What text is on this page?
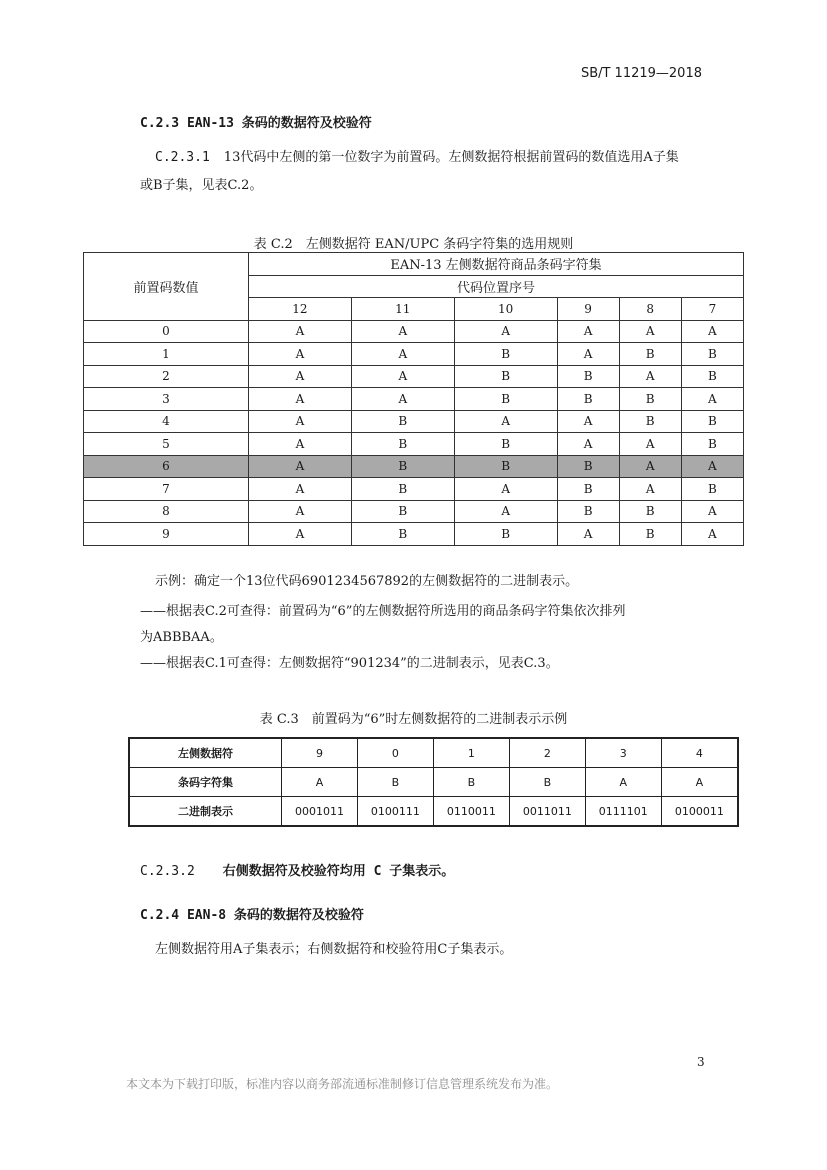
SB/T 11219—2018
C.2.3 EAN-13 条码的数据符及校验符
C.2.3.1 13代码中左侧的第一位数字为前置码。左侧数据符根据前置码的数值选用A子集
或B子集，见表C.2。
表 C.2　左侧数据符 EAN/UPC 条码字符集的选用规则
前置码数值	EAN-13 左侧数据符商品条码字符集					
	代码位置序号					
	12	11	10	9	8	7
0	A	A	A	A	A	A
1	A	A	B	A	B	B
2	A	A	B	B	A	B
3	A	A	B	B	B	A
4	A	B	A	A	B	B
5	A	B	B	A	A	B
6	A	B	B	B	A	A
7	A	B	A	B	A	B
8	A	B	A	B	B	A
9	A	B	B	A	B	A
示例：确定一个13位代码6901234567892的左侧数据符的二进制表示。
——根据表C.2可查得：前置码为“6”的左侧数据符所选用的商品条码字符集依次排列
为ABBBAA。
——根据表C.1可查得：左侧数据符“901234”的二进制表示，见表C.3。
表 C.3　前置码为“6”时左侧数据符的二进制表示示例
左侧数据符	9	0	1	2	3	4
条码字符集	A	B	B	B	A	A
二进制表示	0001011	0100111	0110011	0011011	0111101	0100011
C.2.3.2 右侧数据符及校验符均用 C 子集表示。
C.2.4 EAN-8 条码的数据符及校验符
左侧数据符用A子集表示；右侧数据符和校验符用C子集表示。
3
本文本为下载打印版，标准内容以商务部流通标准制修订信息管理系统发布为准。
